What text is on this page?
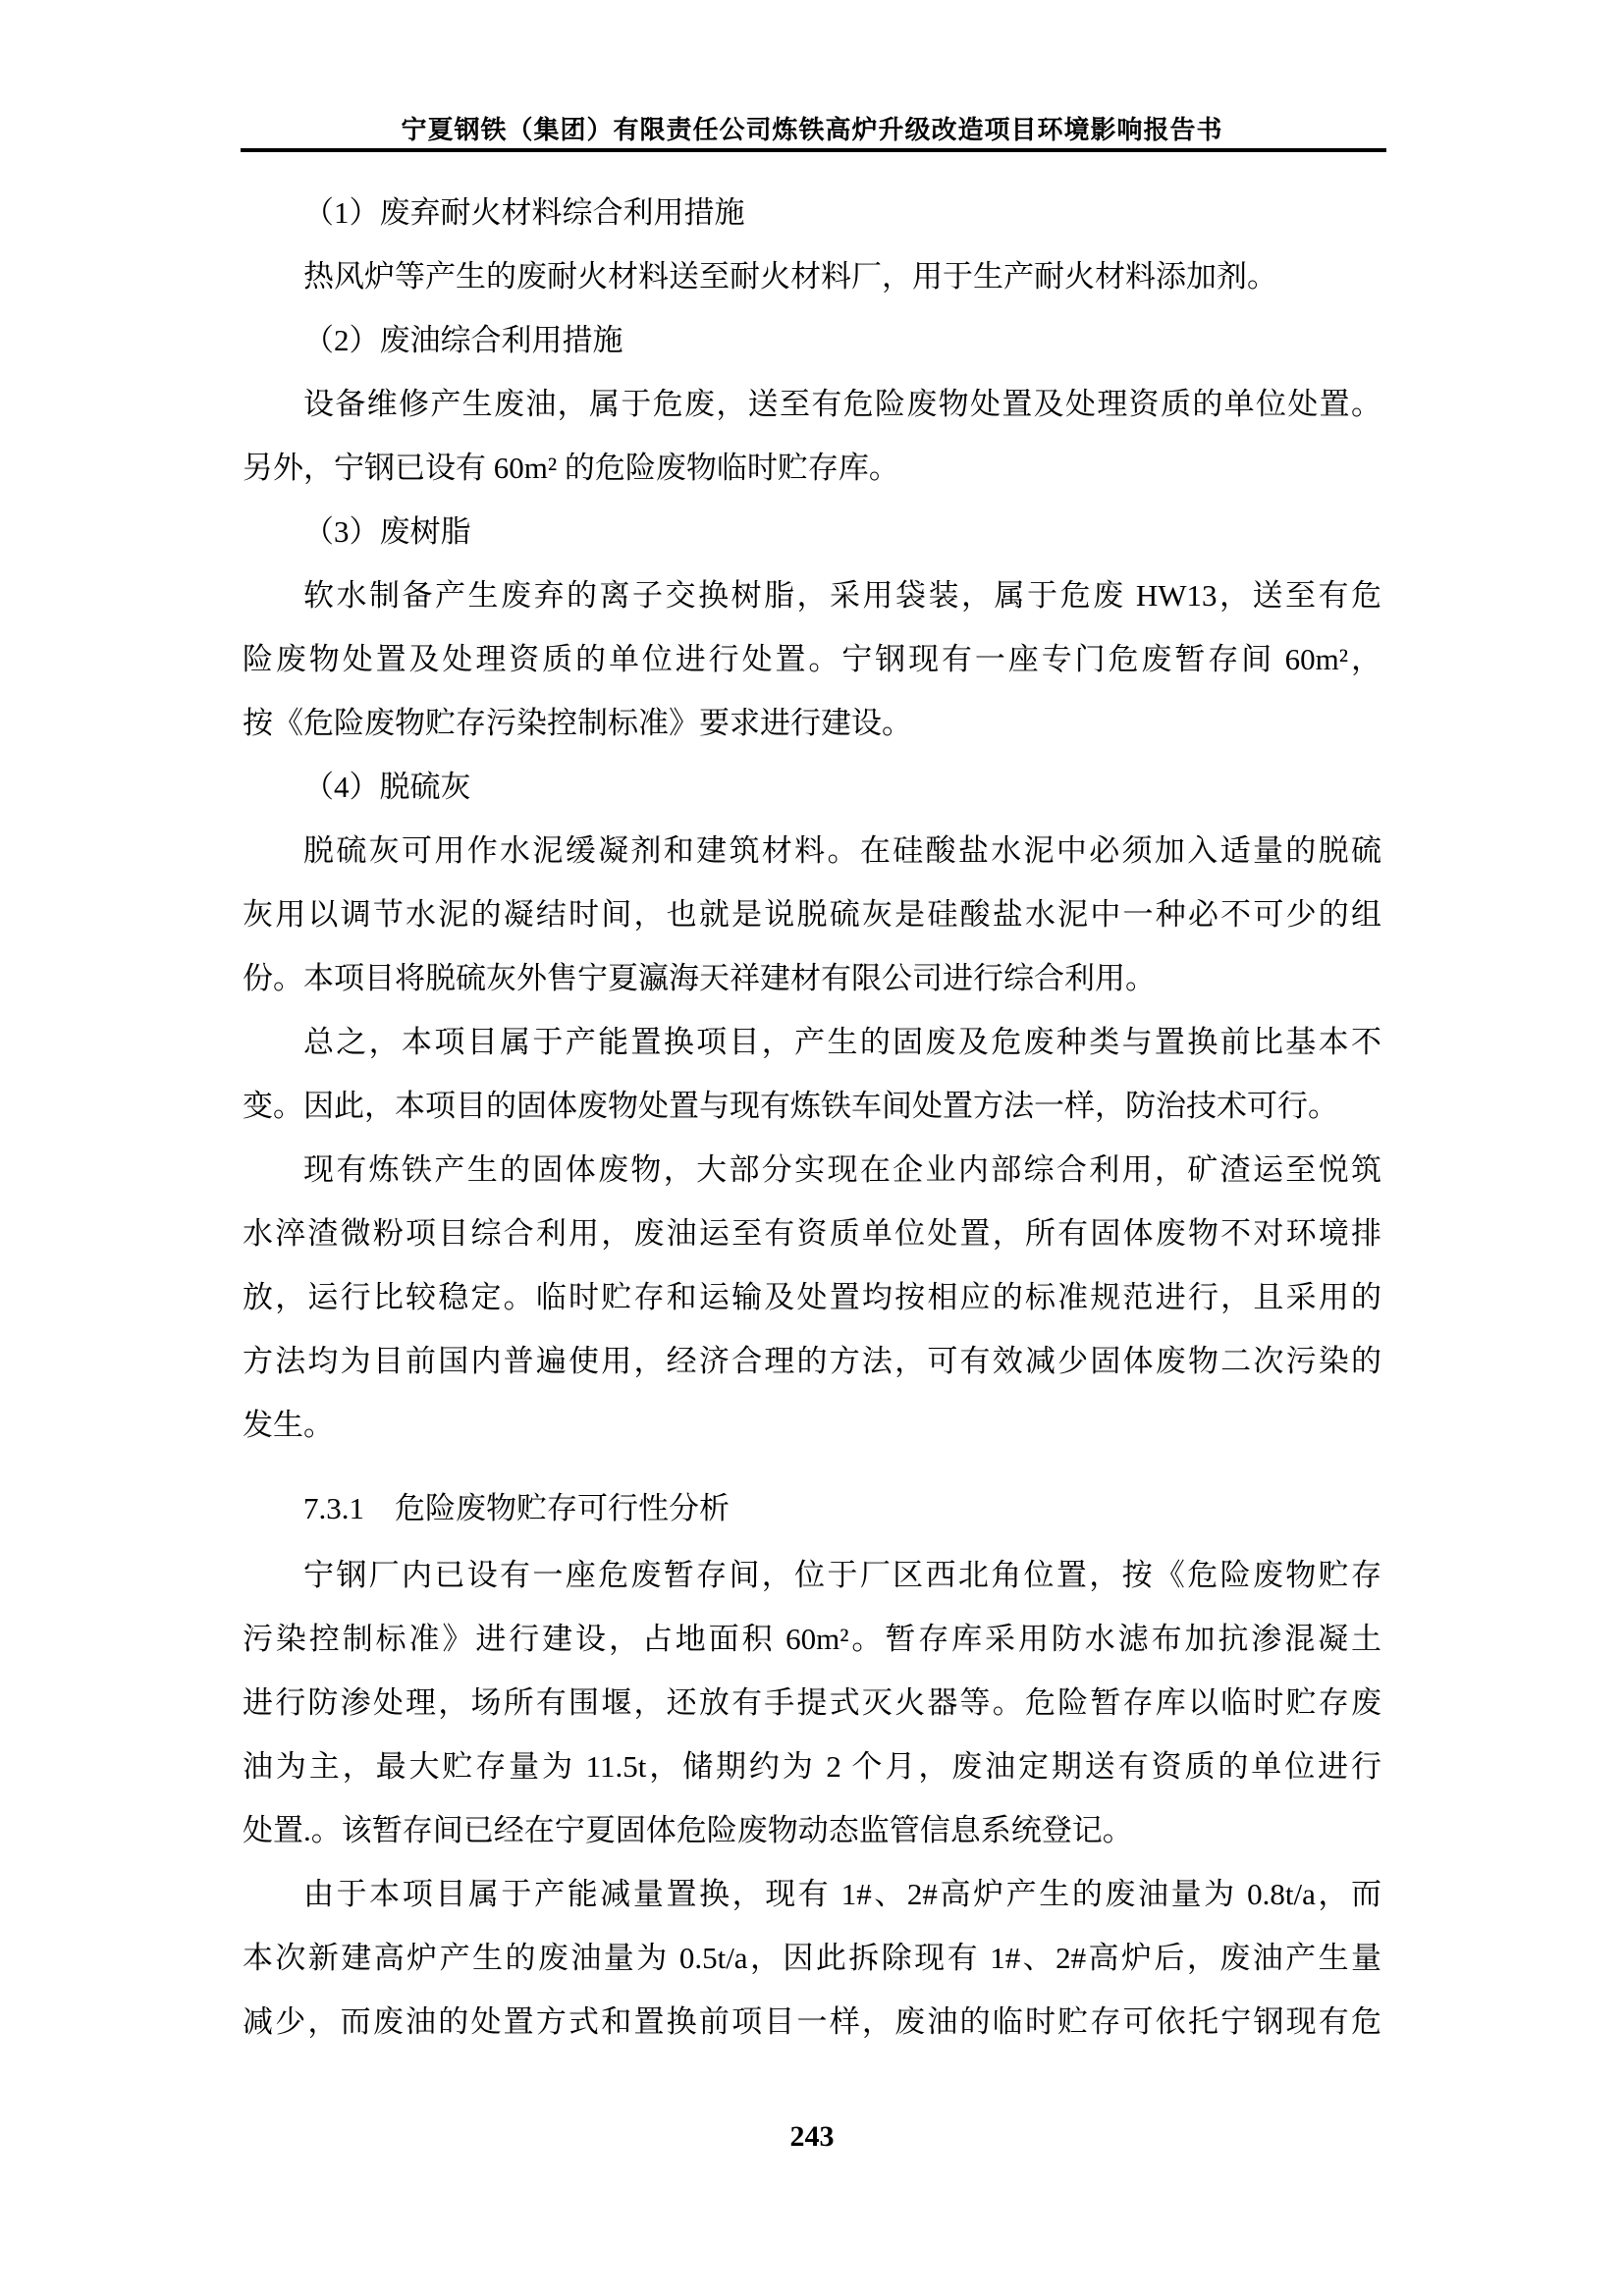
宁夏钢铁（集团）有限责任公司炼铁高炉升级改造项目环境影响报告书
（1）废弃耐火材料综合利用措施
热风炉等产生的废耐火材料送至耐火材料厂，用于生产耐火材料添加剂。
（2）废油综合利用措施
设备维修产生废油，属于危废，送至有危险废物处置及处理资质的单位处置。
另外，宁钢已设有 60m² 的危险废物临时贮存库。
（3）废树脂
软水制备产生废弃的离子交换树脂，采用袋装，属于危废 HW13，送至有危
险废物处置及处理资质的单位进行处置。宁钢现有一座专门危废暂存间 60m²，
按《危险废物贮存污染控制标准》要求进行建设。
（4）脱硫灰
脱硫灰可用作水泥缓凝剂和建筑材料。在硅酸盐水泥中必须加入适量的脱硫
灰用以调节水泥的凝结时间，也就是说脱硫灰是硅酸盐水泥中一种必不可少的组
份。本项目将脱硫灰外售宁夏瀛海天祥建材有限公司进行综合利用。
总之，本项目属于产能置换项目，产生的固废及危废种类与置换前比基本不
变。因此，本项目的固体废物处置与现有炼铁车间处置方法一样，防治技术可行。
现有炼铁产生的固体废物，大部分实现在企业内部综合利用，矿渣运至悦筑
水淬渣微粉项目综合利用，废油运至有资质单位处置，所有固体废物不对环境排
放，运行比较稳定。临时贮存和运输及处置均按相应的标准规范进行，且采用的
方法均为目前国内普遍使用，经济合理的方法，可有效减少固体废物二次污染的
发生。
7.3.1　危险废物贮存可行性分析
宁钢厂内已设有一座危废暂存间，位于厂区西北角位置，按《危险废物贮存
污染控制标准》进行建设，占地面积 60m²。暂存库采用防水滤布加抗渗混凝土
进行防渗处理，场所有围堰，还放有手提式灭火器等。危险暂存库以临时贮存废
油为主，最大贮存量为 11.5t，储期约为 2 个月，废油定期送有资质的单位进行
处置.。该暂存间已经在宁夏固体危险废物动态监管信息系统登记。
由于本项目属于产能减量置换，现有 1#、2#高炉产生的废油量为 0.8t/a，而
本次新建高炉产生的废油量为 0.5t/a，因此拆除现有 1#、2#高炉后，废油产生量
减少，而废油的处置方式和置换前项目一样，废油的临时贮存可依托宁钢现有危
243
